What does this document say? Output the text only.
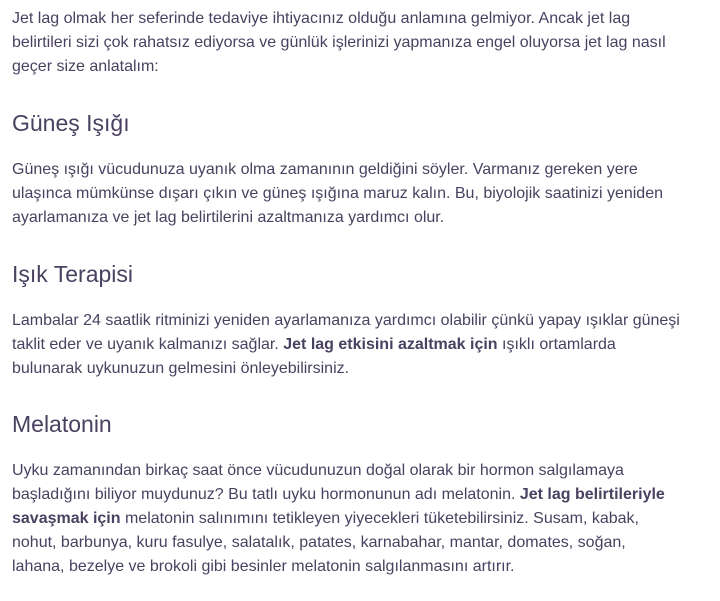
Jet lag olmak her seferinde tedaviye ihtiyacınız olduğu anlamına gelmiyor. Ancak jet lag belirtileri sizi çok rahatsız ediyorsa ve günlük işlerinizi yapmanıza engel oluyorsa jet lag nasıl geçer size anlatalım:

Güneş Işığı

Güneş ışığı vücudunuza uyanık olma zamanının geldiğini söyler. Varmanız gereken yere ulaşınca mümkünse dışarı çıkın ve güneş ışığına maruz kalın. Bu, biyolojik saatinizi yeniden ayarlamanıza ve jet lag belirtilerini azaltmanıza yardımcı olur.

Işık Terapisi

Lambalar 24 saatlik ritminizi yeniden ayarlamanıza yardımcı olabilir çünkü yapay ışıklar güneşi taklit eder ve uyanık kalmanızı sağlar. Jet lag etkisini azaltmak için ışıklı ortamlarda bulunarak uykunuzun gelmesini önleyebilirsiniz.

Melatonin

Uyku zamanından birkaç saat önce vücudunuzun doğal olarak bir hormon salgılamaya başladığını biliyor muydunuz? Bu tatlı uyku hormonunun adı melatonin. Jet lag belirtileriyle savaşmak için melatonin salınımını tetikleyen yiyecekleri tüketebilirsiniz. Susam, kabak, nohut, barbunya, kuru fasulye, salatalık, patates, karnabahar, mantar, domates, soğan, lahana, bezelye ve brokoli gibi besinler melatonin salgılanmasını artırır.
